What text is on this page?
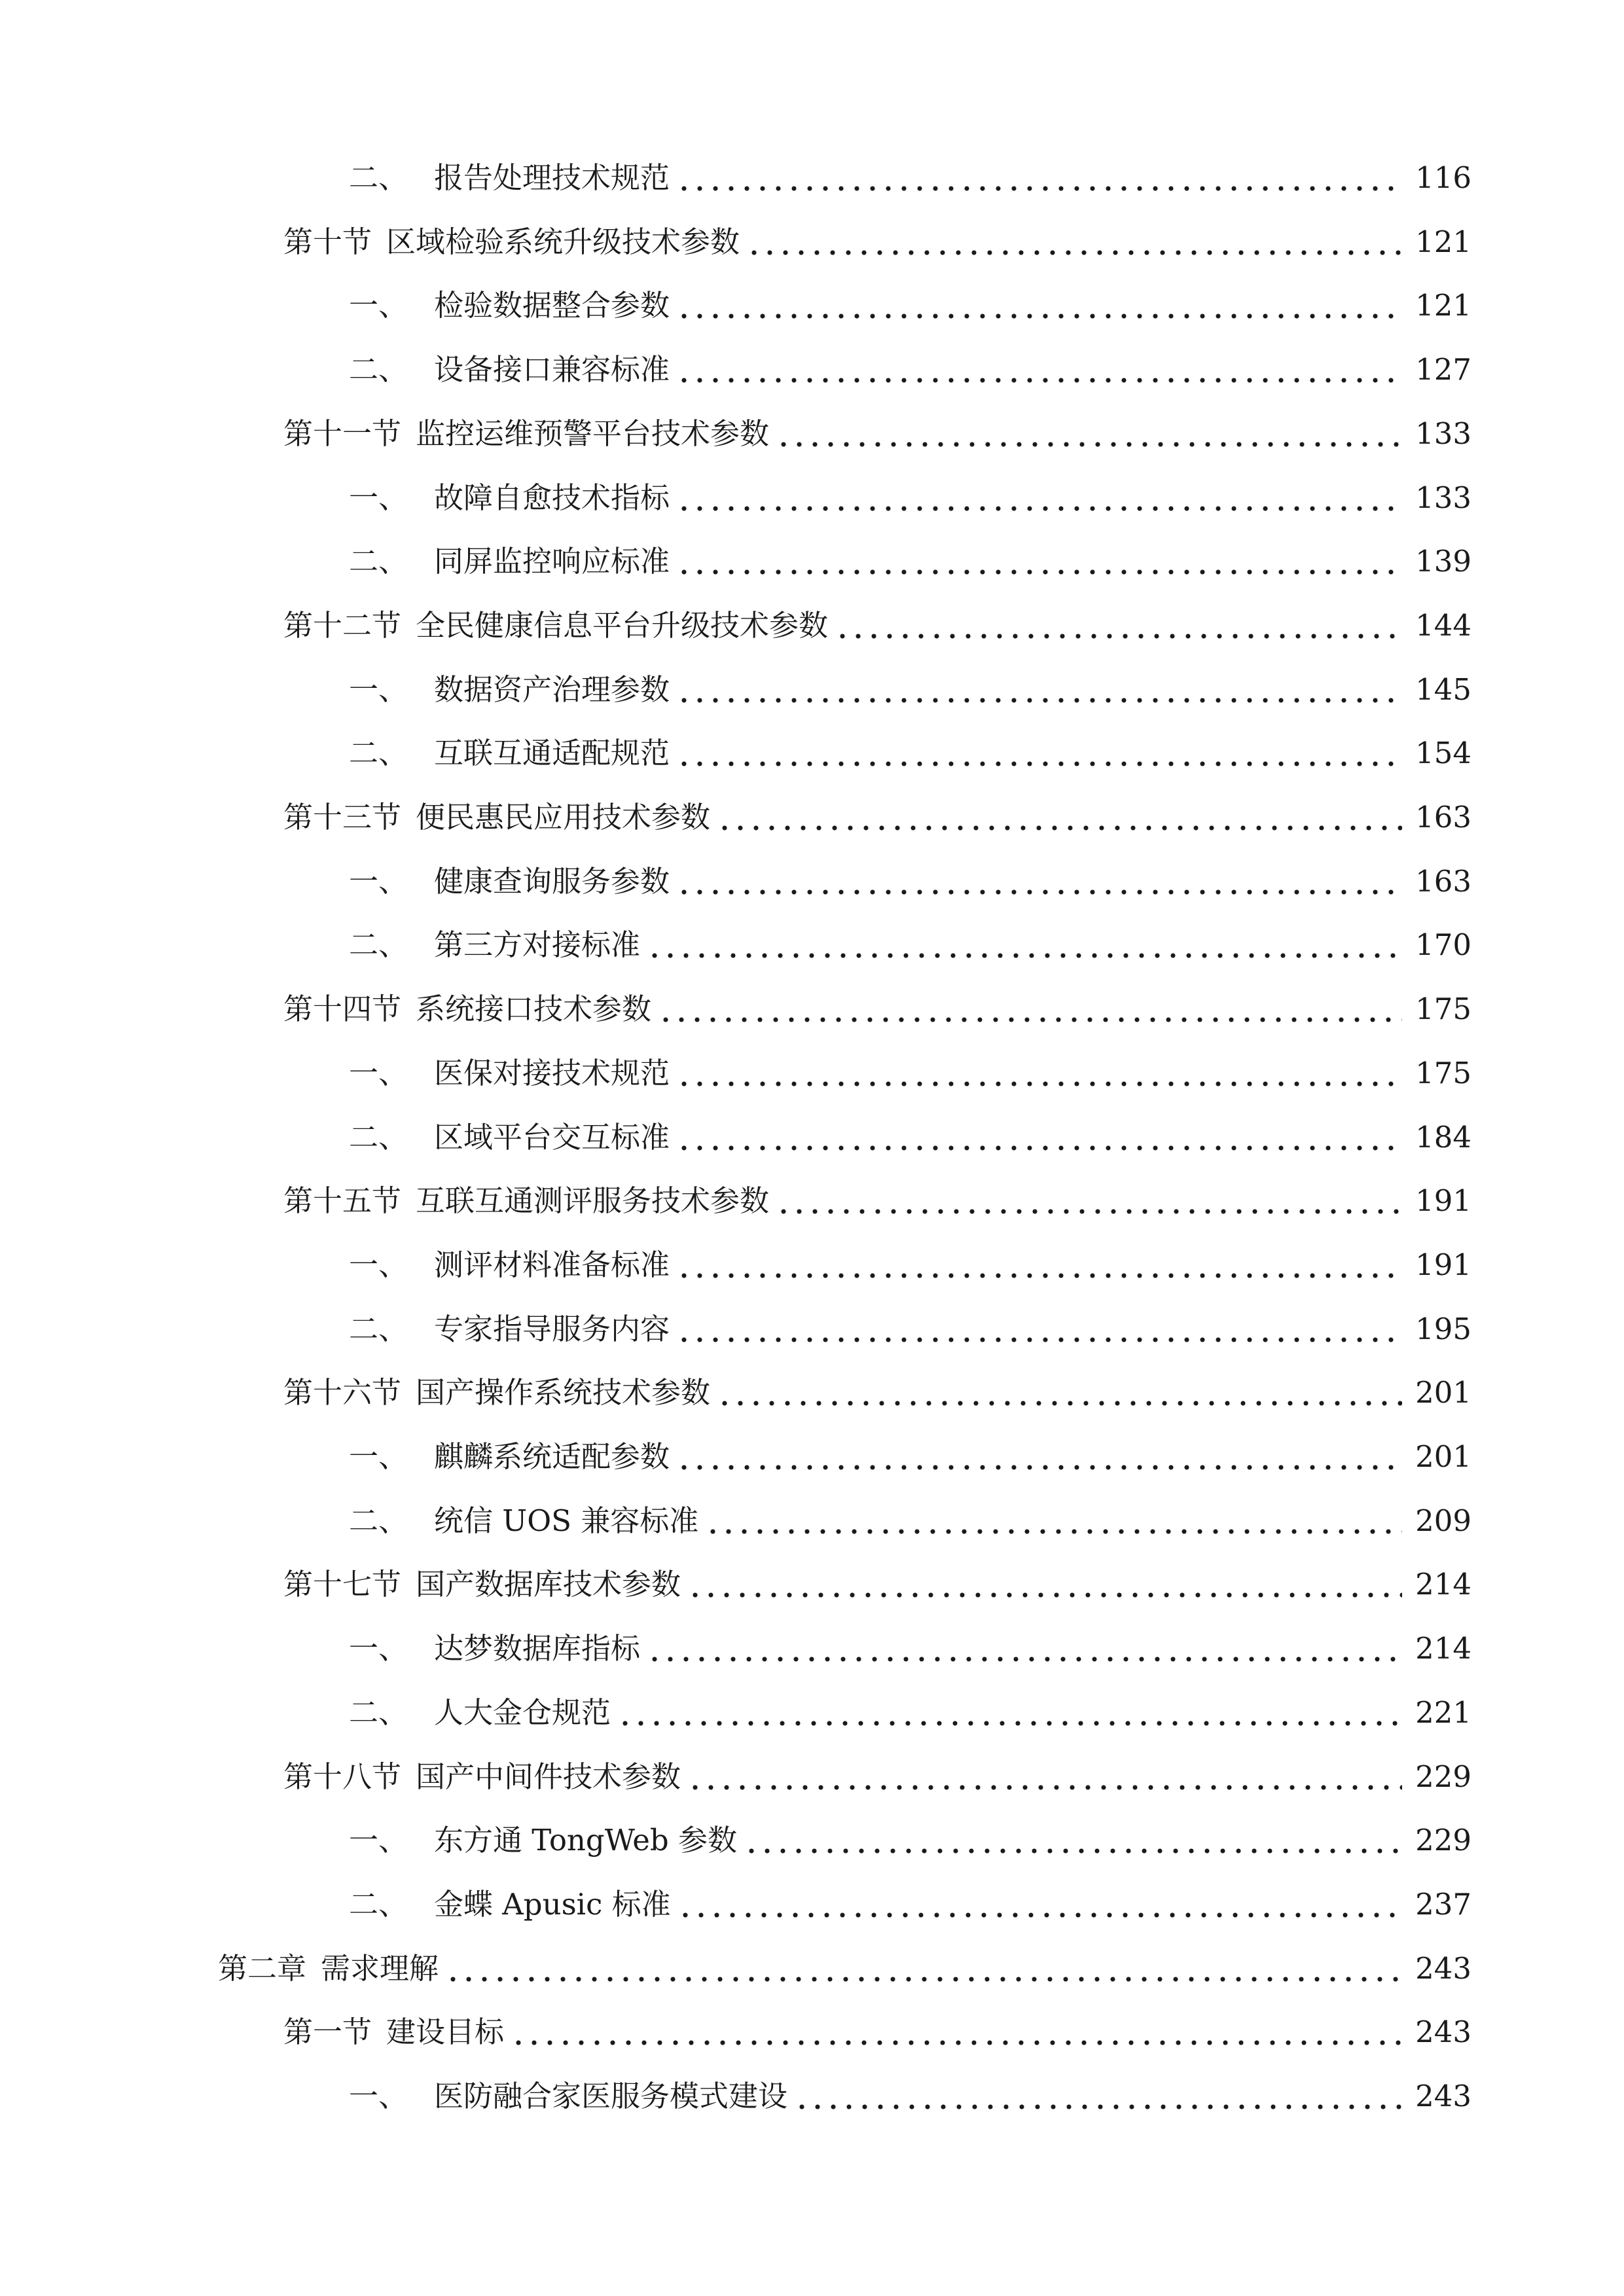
二、 报告处理技术规范	116
第十节 区域检验系统升级技术参数	121
一、 检验数据整合参数	121
二、 设备接口兼容标准	127
第十一节 监控运维预警平台技术参数	133
一、 故障自愈技术指标	133
二、 同屏监控响应标准	139
第十二节 全民健康信息平台升级技术参数	144
一、 数据资产治理参数	145
二、 互联互通适配规范	154
第十三节 便民惠民应用技术参数	163
一、 健康查询服务参数	163
二、 第三方对接标准	170
第十四节 系统接口技术参数	175
一、 医保对接技术规范	175
二、 区域平台交互标准	184
第十五节 互联互通测评服务技术参数	191
一、 测评材料准备标准	191
二、 专家指导服务内容	195
第十六节 国产操作系统技术参数	201
一、 麒麟系统适配参数	201
二、 统信 UOS 兼容标准	209
第十七节 国产数据库技术参数	214
一、 达梦数据库指标	214
二、 人大金仓规范	221
第十八节 国产中间件技术参数	229
一、 东方通 TongWeb 参数	229
二、 金蝶 Apusic 标准	237
第二章 需求理解	243
第一节 建设目标	243
一、 医防融合家医服务模式建设	243
